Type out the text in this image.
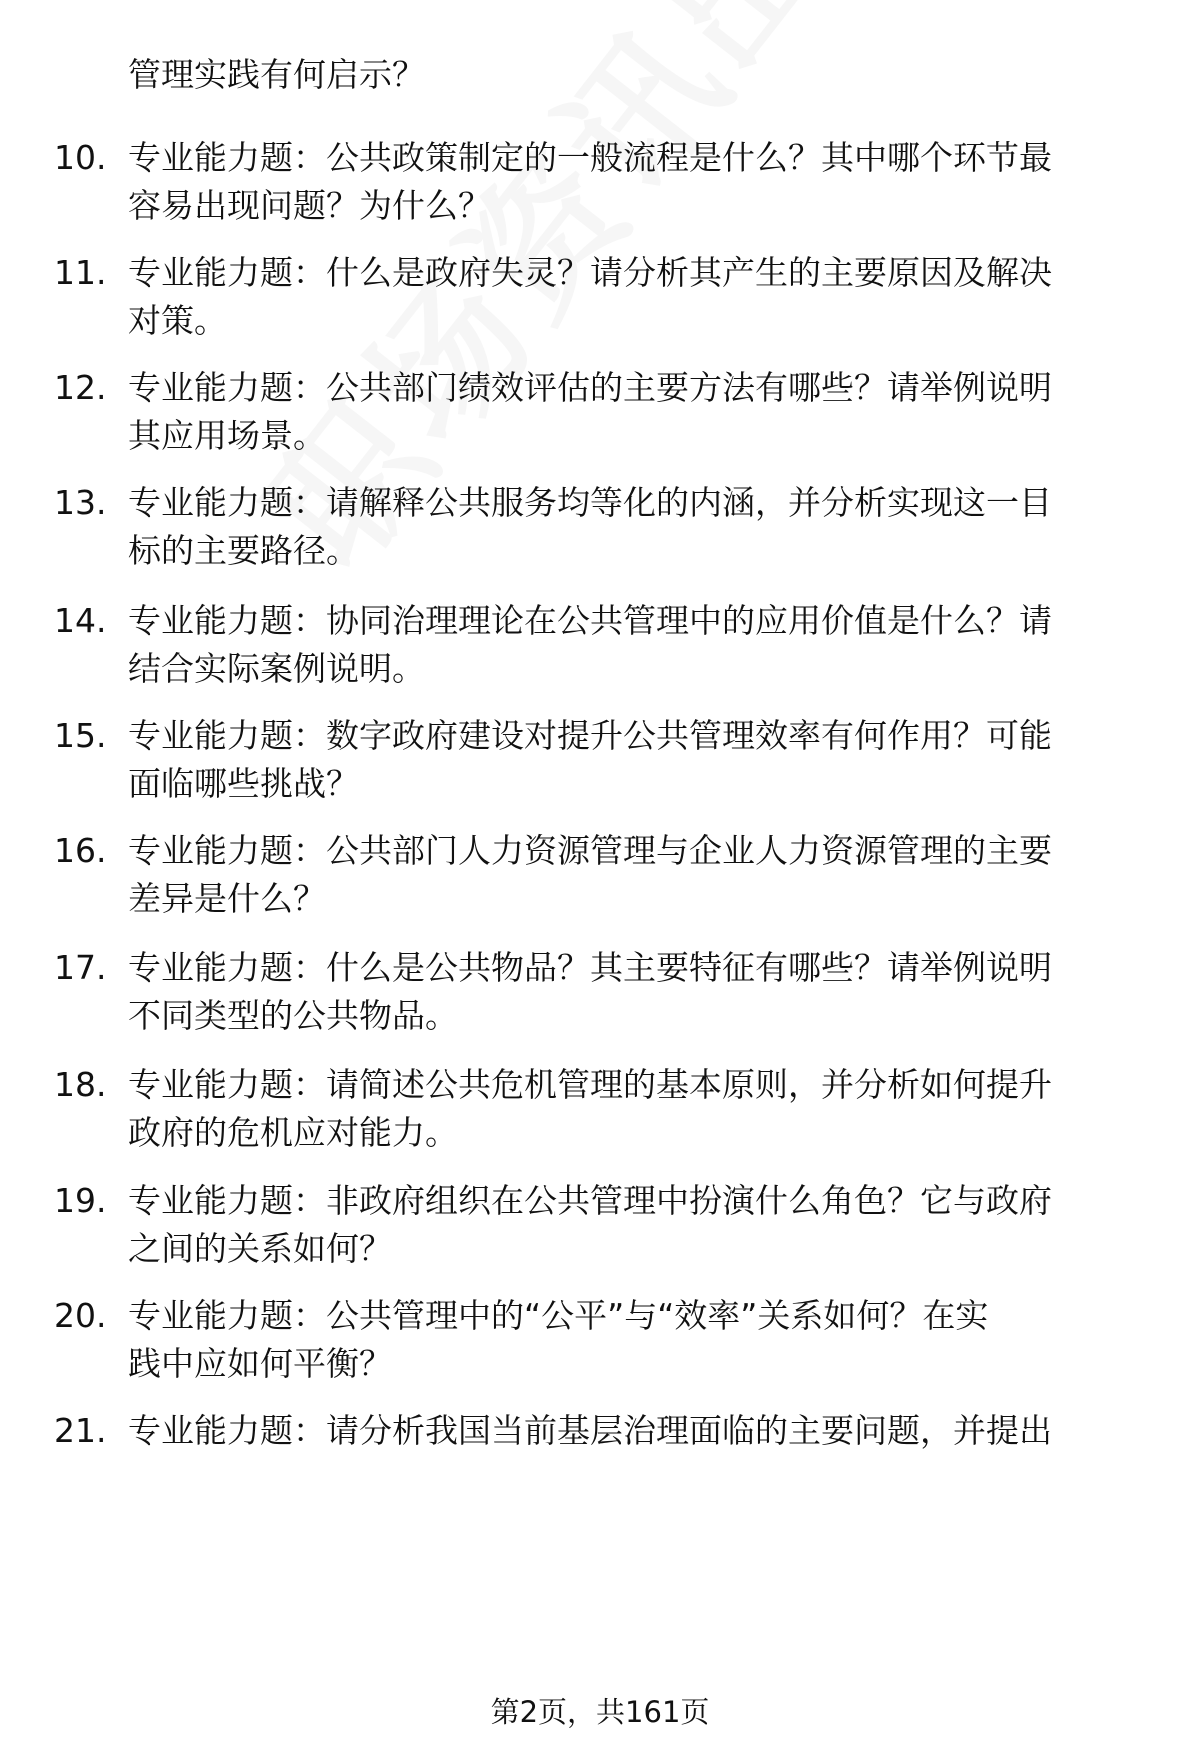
管理实践有何启示？
10. 专业能力题：公共政策制定的一般流程是什么？其中哪个环节最
容易出现问题？为什么？
11. 专业能力题：什么是政府失灵？请分析其产生的主要原因及解决
对策。
12. 专业能力题：公共部门绩效评估的主要方法有哪些？请举例说明
其应用场景。
13. 专业能力题：请解释公共服务均等化的内涵，并分析实现这一目
标的主要路径。
14. 专业能力题：协同治理理论在公共管理中的应用价值是什么？请
结合实际案例说明。
15. 专业能力题：数字政府建设对提升公共管理效率有何作用？可能
面临哪些挑战？
16. 专业能力题：公共部门人力资源管理与企业人力资源管理的主要
差异是什么？
17. 专业能力题：什么是公共物品？其主要特征有哪些？请举例说明
不同类型的公共物品。
18. 专业能力题：请简述公共危机管理的基本原则，并分析如何提升
政府的危机应对能力。
19. 专业能力题：非政府组织在公共管理中扮演什么角色？它与政府
之间的关系如何？
20. 专业能力题：公共管理中的“公平”与“效率”关系如何？在实
践中应如何平衡？
21. 专业能力题：请分析我国当前基层治理面临的主要问题，并提出
第2页，共161页
